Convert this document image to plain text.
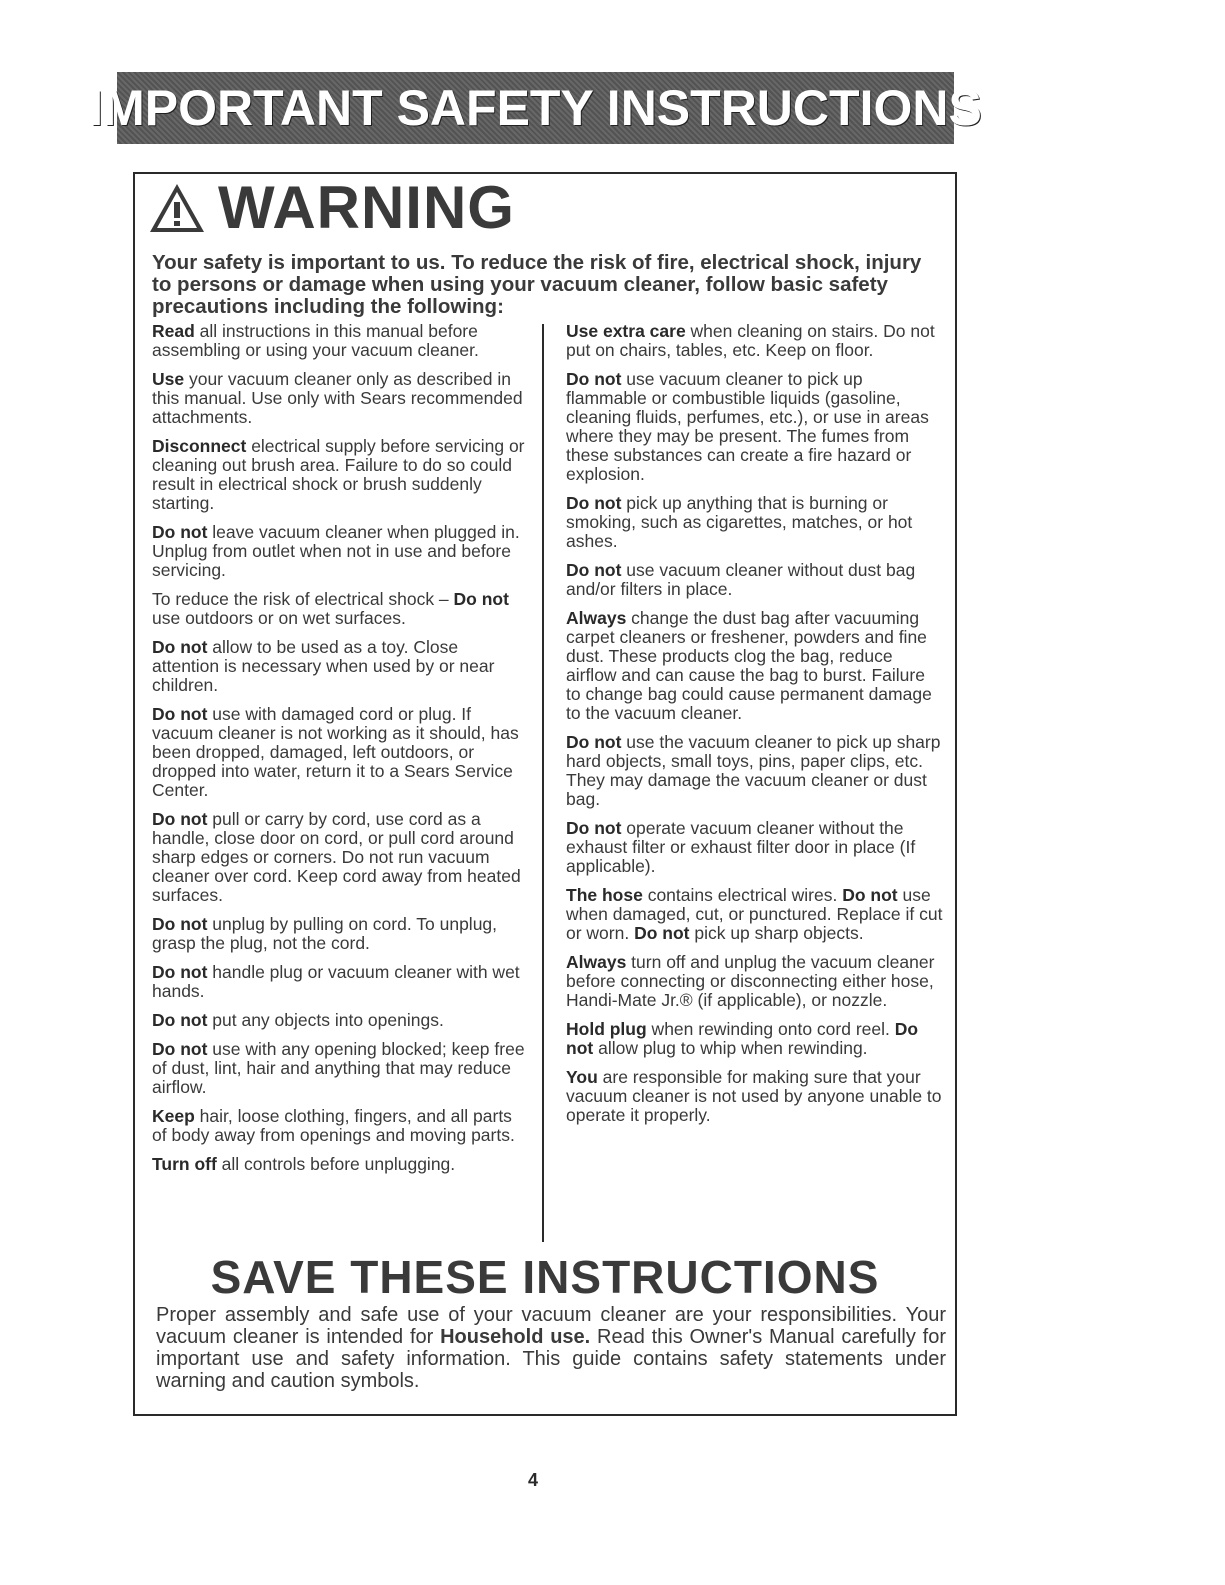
IMPORTANT SAFETY INSTRUCTIONS
WARNING
Your safety is important to us. To reduce the risk of fire, electrical shock, injury to persons or damage when using your vacuum cleaner, follow basic safety precautions including the following:

Read all instructions in this manual before assembling or using your vacuum cleaner.

Use your vacuum cleaner only as described in this manual. Use only with Sears recommended attachments.

Disconnect electrical supply before servicing or cleaning out brush area. Failure to do so could result in electrical shock or brush suddenly starting.

Do not leave vacuum cleaner when plugged in. Unplug from outlet when not in use and before servicing.

To reduce the risk of electrical shock – Do not use outdoors or on wet surfaces.

Do not allow to be used as a toy. Close attention is necessary when used by or near children.

Do not use with damaged cord or plug. If vacuum cleaner is not working as it should, has been dropped, damaged, left outdoors, or dropped into water, return it to a Sears Service Center.

Do not pull or carry by cord, use cord as a handle, close door on cord, or pull cord around sharp edges or corners. Do not run vacuum cleaner over cord. Keep cord away from heated surfaces.

Do not unplug by pulling on cord. To unplug, grasp the plug, not the cord.

Do not handle plug or vacuum cleaner with wet hands.

Do not put any objects into openings.

Do not use with any opening blocked; keep free of dust, lint, hair and anything that may reduce airflow.

Keep hair, loose clothing, fingers, and all parts of body away from openings and moving parts.

Turn off all controls before unplugging.

Use extra care when cleaning on stairs. Do not put on chairs, tables, etc. Keep on floor.

Do not use vacuum cleaner to pick up flammable or combustible liquids (gasoline, cleaning fluids, perfumes, etc.), or use in areas where they may be present. The fumes from these substances can create a fire hazard or explosion.

Do not pick up anything that is burning or smoking, such as cigarettes, matches, or hot ashes.

Do not use vacuum cleaner without dust bag and/or filters in place.

Always change the dust bag after vacuuming carpet cleaners or freshener, powders and fine dust. These products clog the bag, reduce airflow and can cause the bag to burst. Failure to change bag could cause permanent damage to the vacuum cleaner.

Do not use the vacuum cleaner to pick up sharp hard objects, small toys, pins, paper clips, etc. They may damage the vacuum cleaner or dust bag.

Do not operate vacuum cleaner without the exhaust filter or exhaust filter door in place (If applicable).

The hose contains electrical wires. Do not use when damaged, cut, or punctured. Replace if cut or worn. Do not pick up sharp objects.

Always turn off and unplug the vacuum cleaner before connecting or disconnecting either hose, Handi-Mate Jr.® (if applicable), or nozzle.

Hold plug when rewinding onto cord reel. Do not allow plug to whip when rewinding.

You are responsible for making sure that your vacuum cleaner is not used by anyone unable to operate it properly.

SAVE THESE INSTRUCTIONS
Proper assembly and safe use of your vacuum cleaner are your responsibilities. Your vacuum cleaner is intended for Household use. Read this Owner's Manual carefully for important use and safety information. This guide contains safety statements under warning and caution symbols.
4
